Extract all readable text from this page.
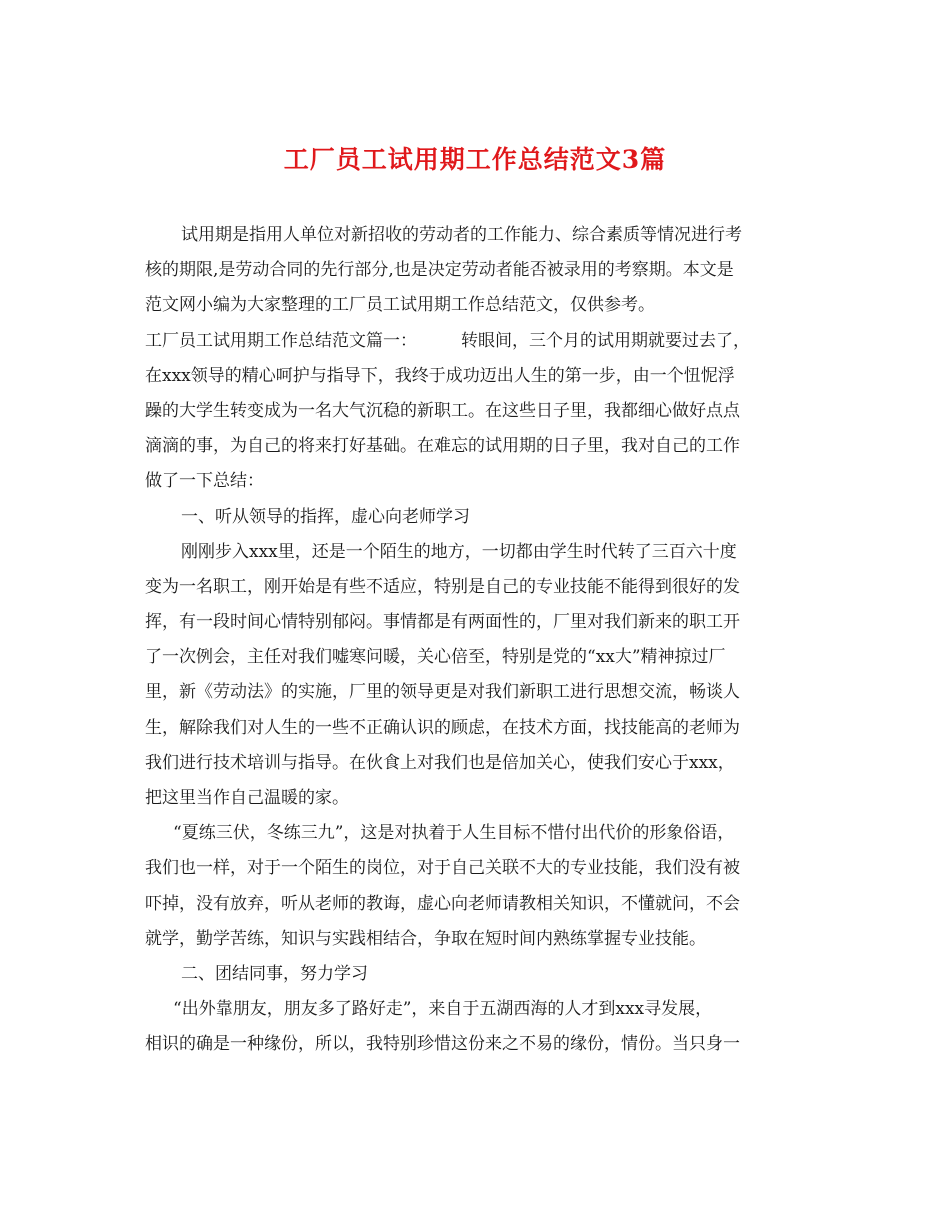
工厂员工试用期工作总结范文3篇
试用期是指用人单位对新招收的劳动者的工作能力、综合素质等情况进行考
核的期限,是劳动合同的先行部分,也是决定劳动者能否被录用的考察期。本文是
范文网小编为大家整理的工厂员工试用期工作总结范文，仅供参考。
工厂员工试用期工作总结范文篇一：	转眼间，三个月的试用期就要过去了，
在xxx领导的精心呵护与指导下，我终于成功迈出人生的第一步，由一个忸怩浮
躁的大学生转变成为一名大气沉稳的新职工。在这些日子里，我都细心做好点点
滴滴的事，为自己的将来打好基础。在难忘的试用期的日子里，我对自己的工作
做了一下总结：
一、听从领导的指挥，虚心向老师学习
刚刚步入xxx里，还是一个陌生的地方，一切都由学生时代转了三百六十度
变为一名职工，刚开始是有些不适应，特别是自己的专业技能不能得到很好的发
挥，有一段时间心情特别郁闷。事情都是有两面性的，厂里对我们新来的职工开
了一次例会，主任对我们嘘寒问暖，关心倍至，特别是党的“xx大”精神掠过厂
里，新《劳动法》的实施，厂里的领导更是对我们新职工进行思想交流，畅谈人
生，解除我们对人生的一些不正确认识的顾虑，在技术方面，找技能高的老师为
我们进行技术培训与指导。在伙食上对我们也是倍加关心，使我们安心于xxx，
把这里当作自己温暖的家。
“夏练三伏，冬练三九”，这是对执着于人生目标不惜付出代价的形象俗语，
我们也一样，对于一个陌生的岗位，对于自己关联不大的专业技能，我们没有被
吓掉，没有放弃，听从老师的教诲，虚心向老师请教相关知识，不懂就问，不会
就学，勤学苦练，知识与实践相结合，争取在短时间内熟练掌握专业技能。
二、团结同事，努力学习
“出外靠朋友，朋友多了路好走”，来自于五湖西海的人才到xxx寻发展，
相识的确是一种缘份，所以，我特别珍惜这份来之不易的缘份，情份。当只身一
